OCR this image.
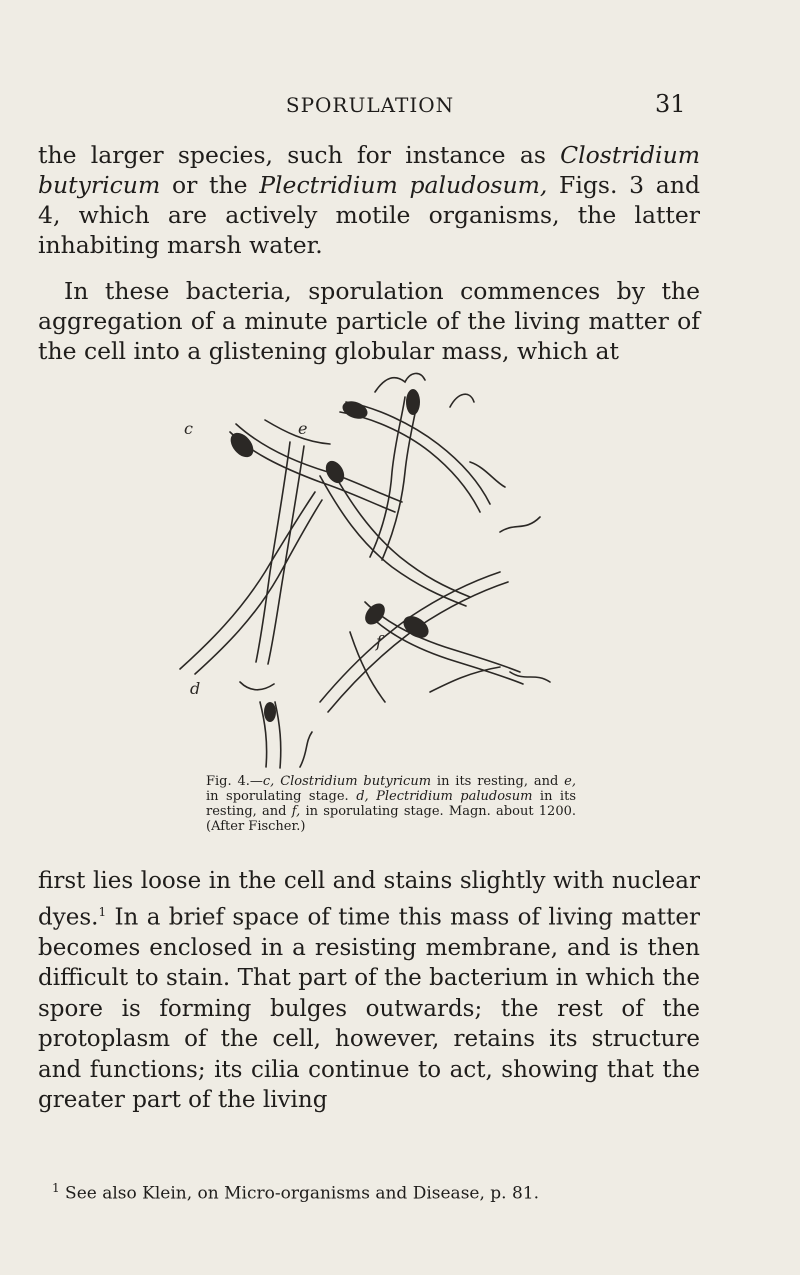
SPORULATION	31

the larger species, such for instance as Clostridium butyricum or the Plectridium paludosum, Figs. 3 and 4, which are actively motile organisms, the latter inhabiting marsh water.

In these bacteria, sporulation commences by the aggregation of a minute particle of the living matter of the cell into a glistening globular mass, which at

c	e
d
f

Fig. 4.—c, Clostridium butyricum in its resting, and e, in sporulating stage. d, Plectridium paludosum in its resting, and f, in sporulating stage. Magn. about 1200. (After Fischer.)

first lies loose in the cell and stains slightly with nuclear dyes.$^1$ In a brief space of time this mass of living matter becomes enclosed in a resisting membrane, and is then difficult to stain. That part of the bacterium in which the spore is forming bulges outwards; the rest of the protoplasm of the cell, however, retains its structure and functions; its cilia continue to act, showing that the greater part of the living

$^1$ See also Klein, on Micro-organisms and Disease, p. 81.
